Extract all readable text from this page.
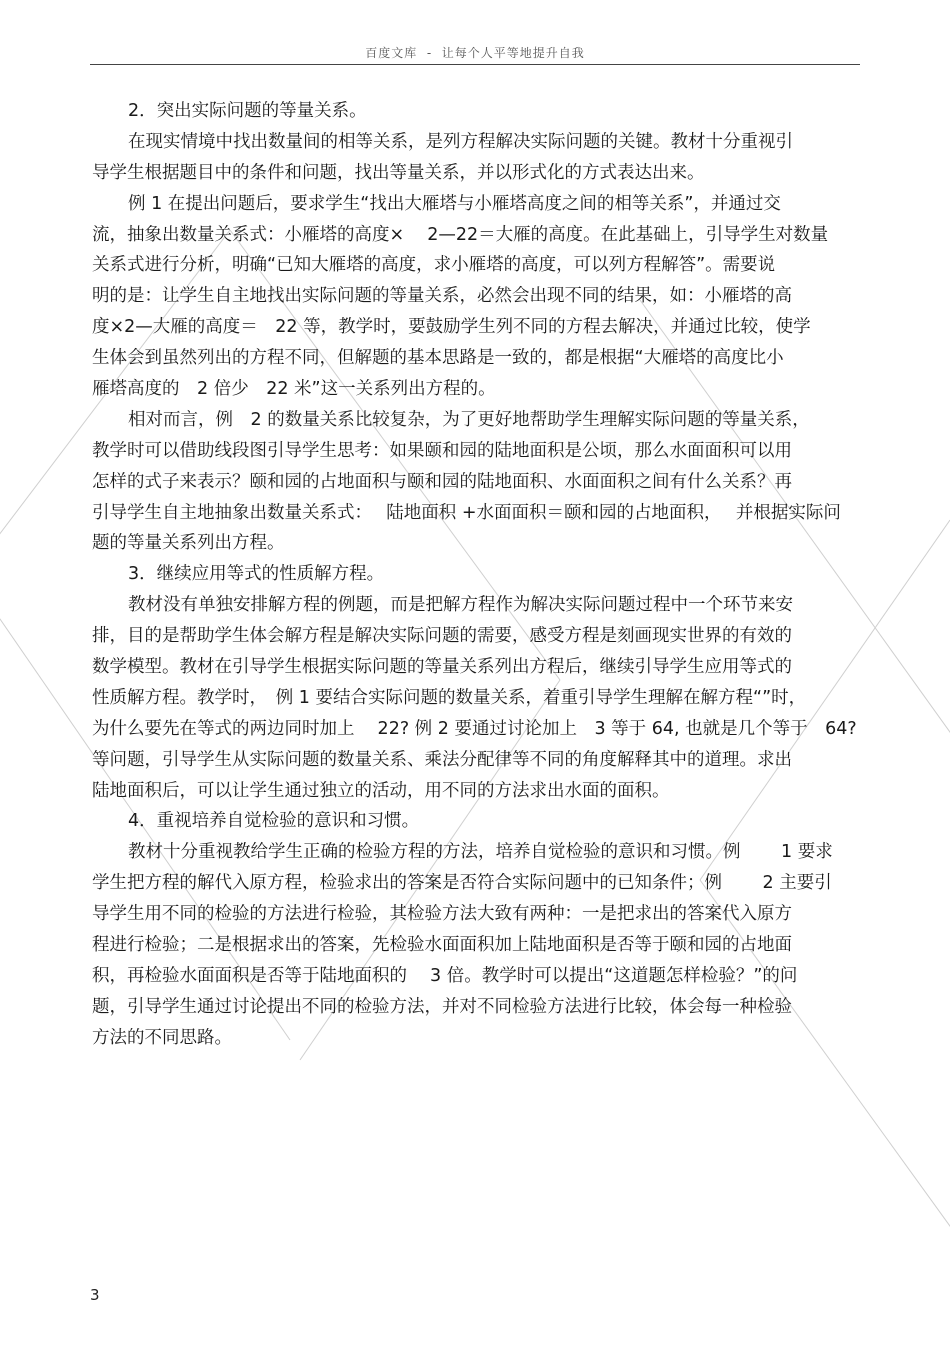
百度文库  -  让每个人平等地提升自我
2．突出实际问题的等量关系。
在现实情境中找出数量间的相等关系，是列方程解决实际问题的关键。教材十分重视引
导学生根据题目中的条件和问题，找出等量关系，并以形式化的方式表达出来。
例 1 在提出问题后，要求学生“找出大雁塔与小雁塔高度之间的相等关系”，并通过交
流，抽象出数量关系式：小雁塔的高度×　 2—22＝大雁的高度。在此基础上，引导学生对数量
关系式进行分析，明确“已知大雁塔的高度，求小雁塔的高度，可以列方程解答”。需要说
明的是：让学生自主地找出实际问题的等量关系，必然会出现不同的结果，如：小雁塔的高
度×2—大雁的高度＝　22 等，教学时，要鼓励学生列不同的方程去解决，并通过比较，使学
生体会到虽然列出的方程不同，但解题的基本思路是一致的，都是根据“大雁塔的高度比小
雁塔高度的　2 倍少　22 米”这一关系列出方程的。
相对而言，例　2 的数量关系比较复杂，为了更好地帮助学生理解实际问题的等量关系，
教学时可以借助线段图引导学生思考：如果颐和园的陆地面积是公顷，那么水面面积可以用
怎样的式子来表示？颐和园的占地面积与颐和园的陆地面积、水面面积之间有什么关系？再
引导学生自主地抽象出数量关系式：　 陆地面积 +水面面积＝颐和园的占地面积，　 并根据实际问
题的等量关系列出方程。
3．继续应用等式的性质解方程。
教材没有单独安排解方程的例题，而是把解方程作为解决实际问题过程中一个环节来安
排，目的是帮助学生体会解方程是解决实际问题的需要，感受方程是刻画现实世界的有效的
数学模型。教材在引导学生根据实际问题的等量关系列出方程后，继续引导学生应用等式的
性质解方程。教学时，　例 1 要结合实际问题的数量关系，着重引导学生理解在解方程“”时，
为什么要先在等式的两边同时加上　 22? 例 2 要通过讨论加上　3 等于 64, 也就是几个等于　64?
等问题，引导学生从实际问题的数量关系、乘法分配律等不同的角度解释其中的道理。求出
陆地面积后，可以让学生通过独立的活动，用不同的方法求出水面的面积。
4．重视培养自觉检验的意识和习惯。
教材十分重视教给学生正确的检验方程的方法，培养自觉检验的意识和习惯。例　　 1 要求
学生把方程的解代入原方程，检验求出的答案是否符合实际问题中的已知条件；例　　 2 主要引
导学生用不同的检验的方法进行检验，其检验方法大致有两种：一是把求出的答案代入原方
程进行检验；二是根据求出的答案，先检验水面面积加上陆地面积是否等于颐和园的占地面
积，再检验水面面积是否等于陆地面积的　 3 倍。教学时可以提出“这道题怎样检验？”的问
题，引导学生通过讨论提出不同的检验方法，并对不同检验方法进行比较，体会每一种检验
方法的不同思路。
3
